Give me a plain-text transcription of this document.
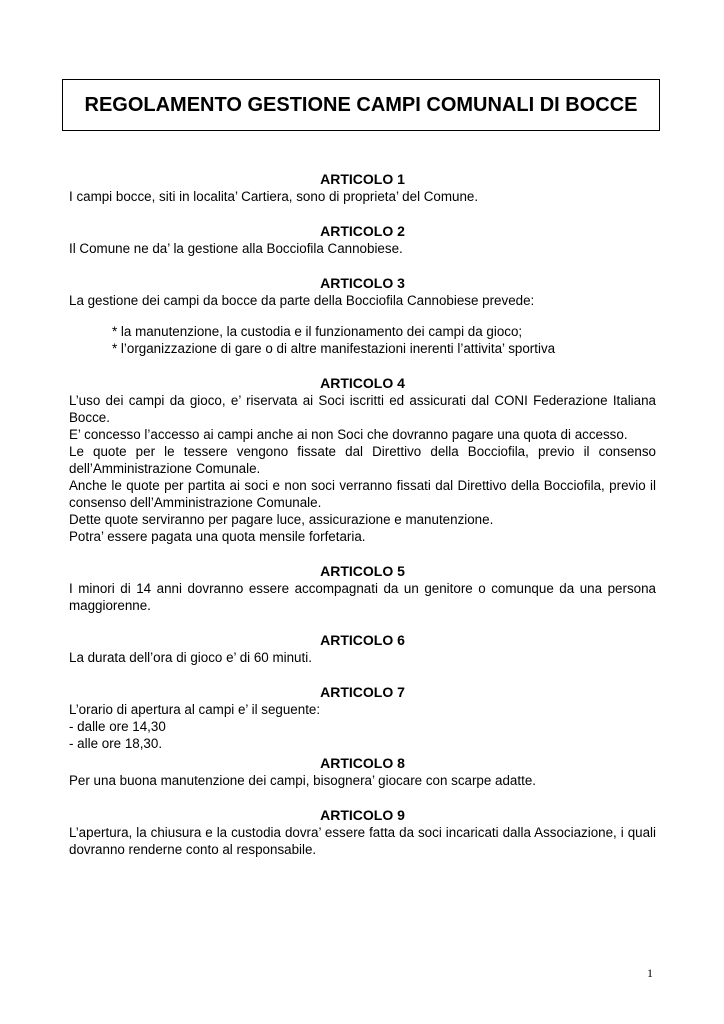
REGOLAMENTO GESTIONE CAMPI COMUNALI DI BOCCE
ARTICOLO 1

I campi bocce, siti in localita’ Cartiera, sono di proprieta’ del Comune.

ARTICOLO 2

Il Comune ne da’ la gestione alla Bocciofila Cannobiese.

ARTICOLO 3

La gestione dei campi da bocce da parte della Bocciofila Cannobiese prevede:

* la manutenzione, la custodia e il funzionamento dei campi da gioco;
* l’organizzazione di gare o di altre manifestazioni inerenti l’attivita’ sportiva
ARTICOLO 4

L’uso dei campi da gioco, e’ riservata ai Soci iscritti ed assicurati dal CONI Federazione Italiana Bocce.

E’ concesso l’accesso ai campi anche ai non Soci che dovranno pagare una quota di accesso.

Le quote per le tessere vengono fissate dal Direttivo della Bocciofila, previo il consenso dell’Amministrazione Comunale.

Anche le quote per partita ai soci e non soci verranno fissati dal Direttivo della Bocciofila, previo il consenso dell’Amministrazione Comunale.

Dette quote serviranno per pagare luce, assicurazione e manutenzione.

Potra’ essere pagata una quota mensile forfetaria.

ARTICOLO 5

I minori di 14 anni dovranno essere accompagnati da un genitore o comunque da una persona maggiorenne.

ARTICOLO 6

La durata dell’ora di gioco e’ di 60 minuti.

ARTICOLO 7

L’orario di apertura al campi e’ il seguente:

- dalle ore 14,30

- alle ore 18,30.

ARTICOLO 8

Per una buona manutenzione dei campi, bisognera’ giocare con scarpe adatte.

ARTICOLO 9

L’apertura, la chiusura e la custodia dovra’ essere fatta da soci incaricati dalla Associazione, i quali dovranno renderne conto al responsabile.

1
